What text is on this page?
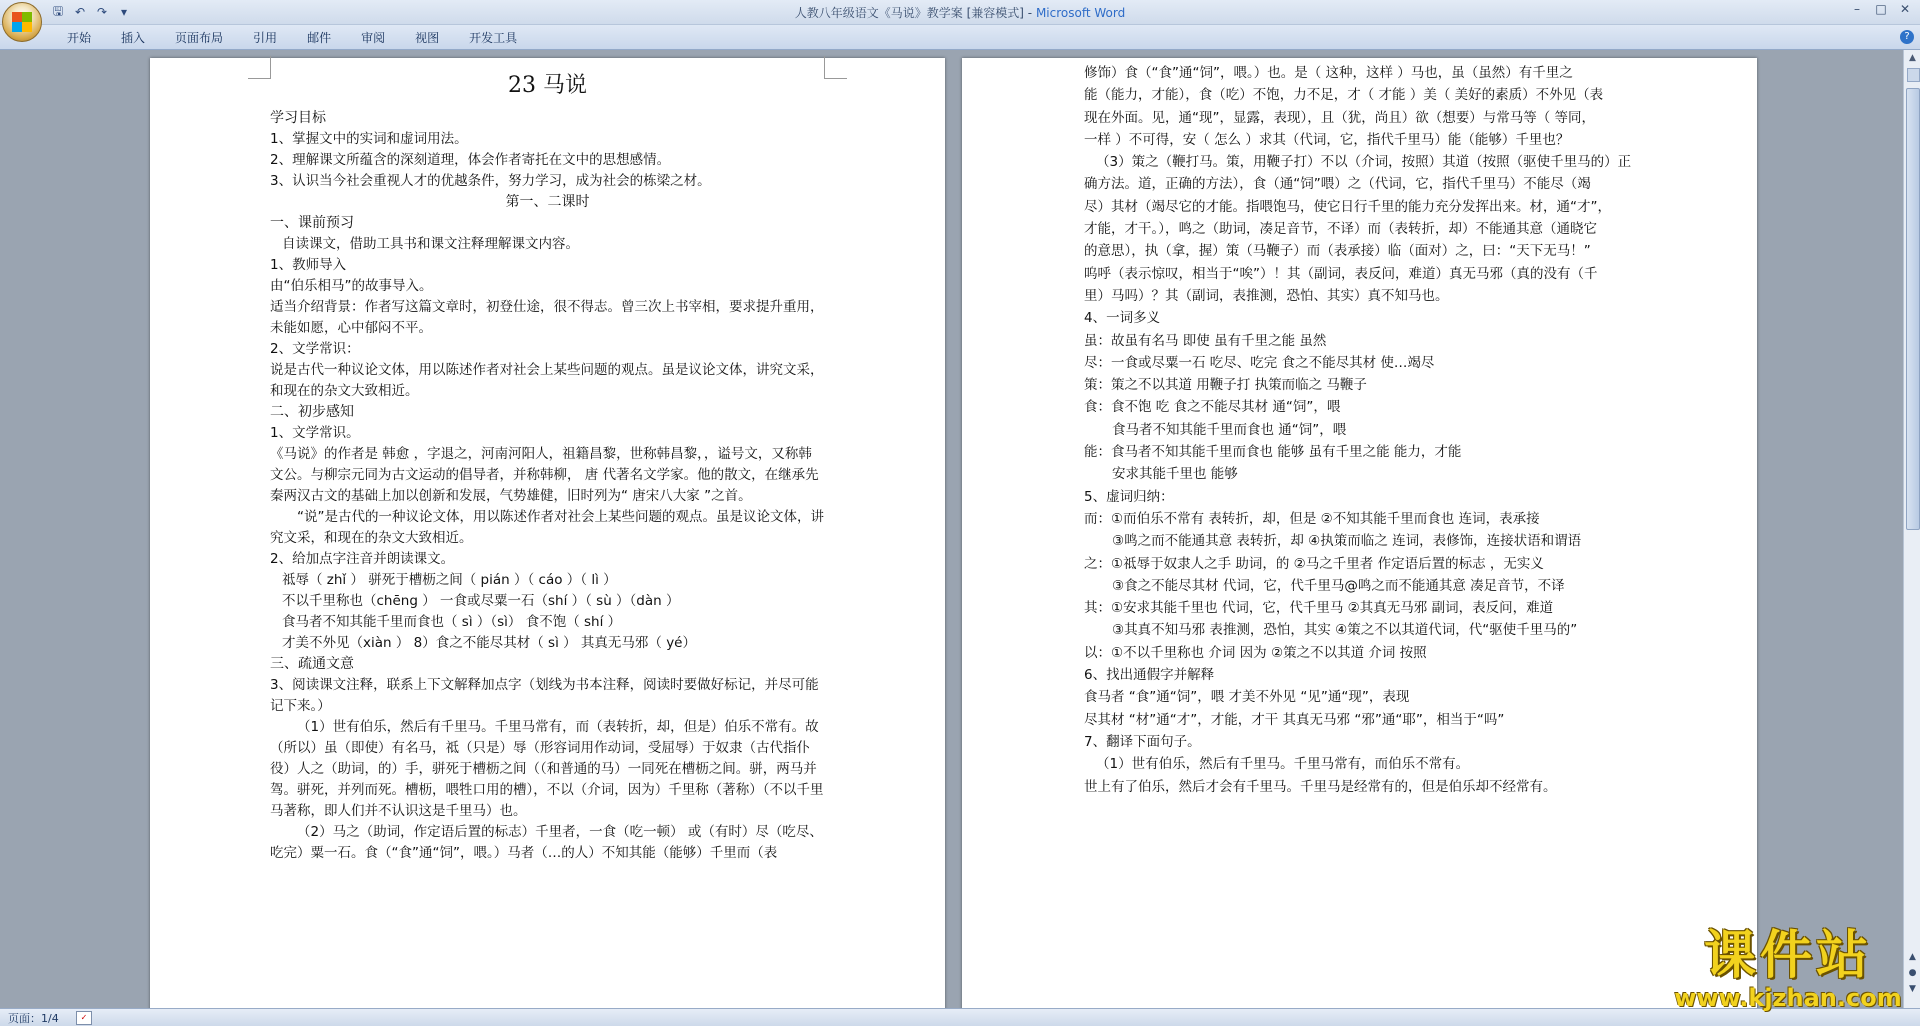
🖫 ↶ ↷	▾	人教八年级语文《马说》教学案 [兼容模式] - Microsoft Word	–	□	✕
开始	插入	页面布局	引用	邮件	审阅	视图	开发工具	?

23 马说

学习目标

1、掌握文中的实词和虚词用法。

2、理解课文所蕴含的深刻道理，体会作者寄托在文中的思想感情。

3、认识当今社会重视人才的优越条件，努力学习，成为社会的栋梁之材。

第一、二课时

一、课前预习

自读课文，借助工具书和课文注释理解课文内容。

1、教师导入

由“伯乐相马”的故事导入。

适当介绍背景：作者写这篇文章时，初登仕途，很不得志。曾三次上书宰相，要求提升重用，未能如愿，心中郁闷不平。

2、文学常识：

说是古代一种议论文体，用以陈述作者对社会上某些问题的观点。虽是议论文体，讲究文采，和现在的杂文大致相近。

二、初步感知

1、文学常识。

《马说》的作者是 韩愈 ，字退之，河南河阳人，祖籍昌黎，世称韩昌黎，，谥号文，又称韩文公。与柳宗元同为古文运动的倡导者，并称韩柳， 唐 代著名文学家。他的散文，在继承先秦两汉古文的基础上加以创新和发展，气势雄健，旧时列为“ 唐宋八大家 ”之首。

“说”是古代的一种议论文体，用以陈述作者对社会上某些问题的观点。虽是议论文体，讲究文采，和现在的杂文大致相近。

2、给加点字注音并朗读课文。

祗辱（ zhǐ ） 骈死于槽枥之间（ pián ）（ cáo ）（ lì ）

不以千里称也（chēng ） 一食或尽粟一石（shí ）（ sù ）（dàn ）

食马者不知其能千里而食也（ sì ）（sì） 食不饱（ shí ）

才美不外见（xiàn ） 8）食之不能尽其材（ sì ） 其真无马邪（ yé）

三、疏通文意

3、阅读课文注释，联系上下文解释加点字（划线为书本注释，阅读时要做好标记，并尽可能记下来。）

（1）世有伯乐，然后有千里马。千里马常有，而（表转折，却，但是）伯乐不常有。故（所以）虽（即使）有名马，祗（只是）辱（形容词用作动词，受屈辱）于奴隶（古代指仆役）人之（助词，的）手，骈死于槽枥之间（（和普通的马）一同死在槽枥之间。骈，两马并驾。骈死，并列而死。槽枥，喂牲口用的槽），不以（介词，因为）千里称（著称）（不以千里马著称，即人们并不认识这是千里马）也。

（2）马之（助词，作定语后置的标志）千里者，一食（吃一顿） 或（有时）尽（吃尽、吃完）粟一石。食（“食”通“饲”，喂。）马者（…的人）不知其能（能够）千里而（表

修饰）食（“食”通“饲”，喂。）也。是（ 这种，这样 ）马也，虽（虽然）有千里之

能（能力，才能），食（吃）不饱，力不足，才（ 才能 ）美（ 美好的素质）不外见（表

现在外面。见，通“现”，显露，表现），且（犹，尚且）欲（想要）与常马等（ 等同，

一样 ）不可得，安（ 怎么 ）求其（代词，它，指代千里马）能（能够）千里也？

（3）策之（鞭打马。策，用鞭子打）不以（介词，按照）其道（按照（驱使千里马的）正

确方法。道，正确的方法），食（通“饲”喂）之（代词，它，指代千里马）不能尽（竭

尽）其材（竭尽它的才能。指喂饱马，使它日行千里的能力充分发挥出来。材，通“才”，

才能，才干。），鸣之（助词，凑足音节，不译）而（表转折，却）不能通其意（通晓它

的意思），执（拿，握）策（马鞭子）而（表承接）临（面对）之，曰：“天下无马！”

呜呼（表示惊叹，相当于“唉”）！其（副词，表反问，难道）真无马邪（真的没有（千

里）马吗）？其（副词，表推测，恐怕、其实）真不知马也。

4、一词多义

虽：故虽有名马 即使 虽有千里之能 虽然

尽：一食或尽粟一石 吃尽、吃完 食之不能尽其材 使…竭尽

策：策之不以其道 用鞭子打 执策而临之 马鞭子

食：食不饱 吃 食之不能尽其材 通“饲”，喂

食马者不知其能千里而食也 通“饲”，喂

能：食马者不知其能千里而食也 能够 虽有千里之能 能力，才能

安求其能千里也 能够

5、虚词归纳：

而：①而伯乐不常有 表转折，却，但是 ②不知其能千里而食也 连词，表承接

③鸣之而不能通其意 表转折，却 ④执策而临之 连词，表修饰，连接状语和谓语

之：①祗辱于奴隶人之手 助词，的 ②马之千里者 作定语后置的标志 ，无实义

③食之不能尽其材 代词，它，代千里马@鸣之而不能通其意 凑足音节，不译

其：①安求其能千里也 代词，它，代千里马 ②其真无马邪 副词，表反问，难道

③其真不知马邪 表推测，恐怕，其实 ④策之不以其道代词，代“驱使千里马的”

以：①不以千里称也 介词 因为 ②策之不以其道 介词 按照

6、找出通假字并解释

食马者 “食”通“饲”，喂 才美不外见 “见”通“现”，表现

尽其材 “材”通“才”，才能，才干 其真无马邪 “邪”通“耶”，相当于“吗”

7、翻译下面句子。

（1）世有伯乐，然后有千里马。千里马常有，而伯乐不常有。

世上有了伯乐，然后才会有千里马。千里马是经常有的，但是伯乐却不经常有。

▲
▲
●
▼
页面：1/4	✓
课件站
www.kjzhan.com
